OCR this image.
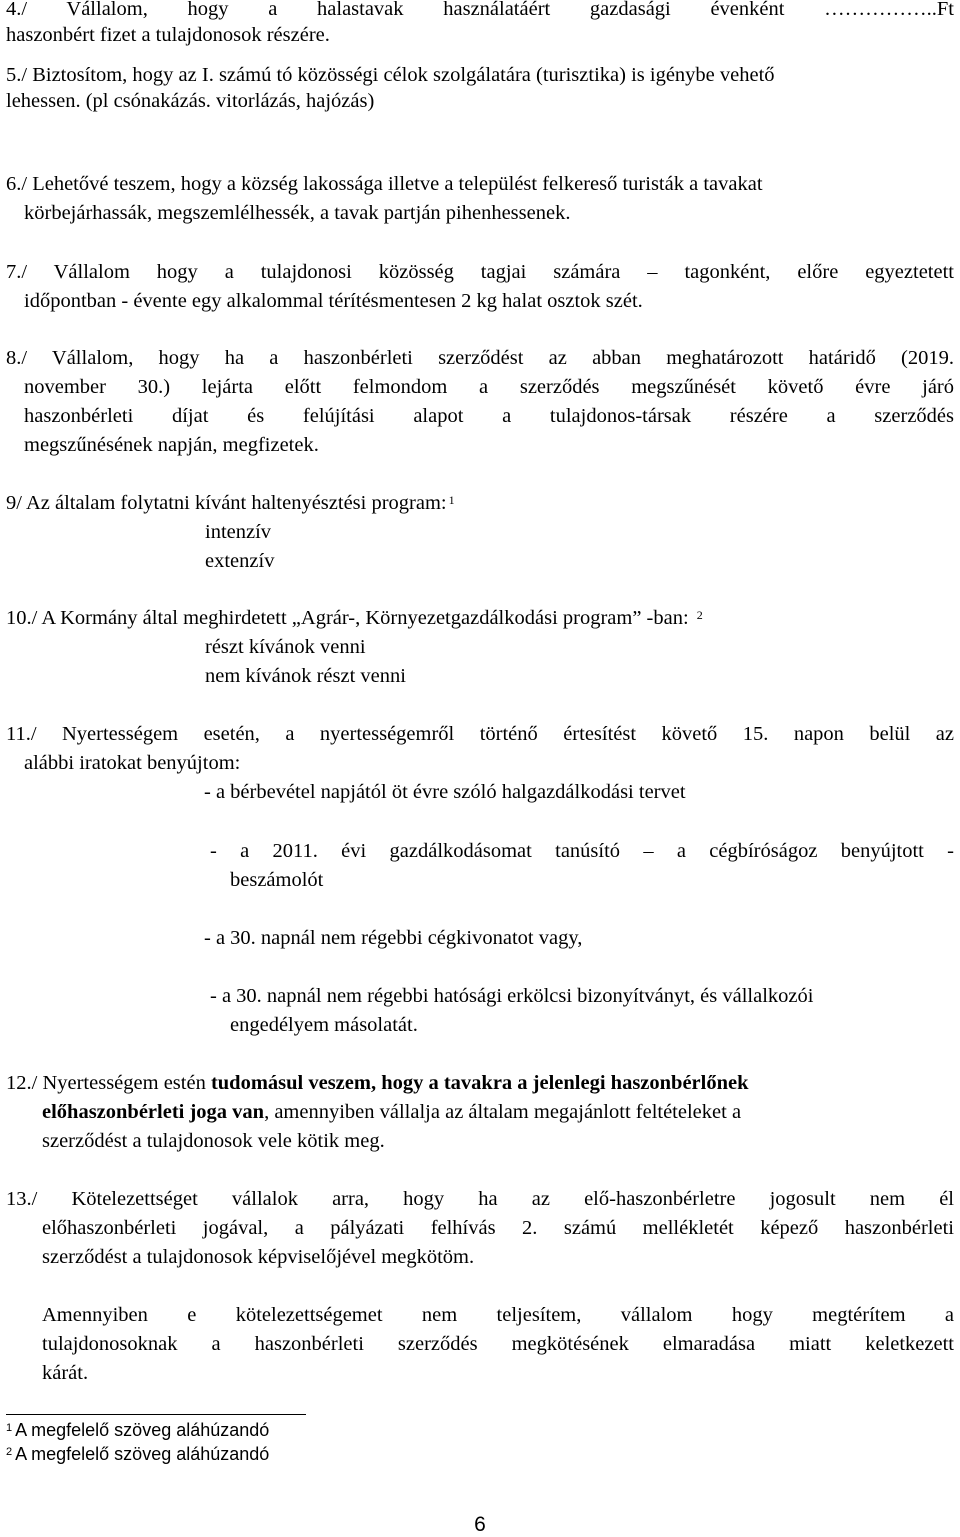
4./ Vállalom, hogy a halastavak használatáért gazdasági évenként ……………..Ft
haszonbért fizet a tulajdonosok részére.
5./ Biztosítom, hogy az I. számú tó közösségi célok szolgálatára (turisztika) is igénybe vehető
lehessen. (pl csónakázás. vitorlázás, hajózás)
6./ Lehetővé teszem, hogy a község lakossága illetve a települést felkereső turisták a tavakat
körbejárhassák, megszemlélhessék, a tavak partján pihenhessenek.
7./ Vállalom hogy a tulajdonosi közösség tagjai számára – tagonként, előre egyeztetett
időpontban - évente egy alkalommal térítésmentesen 2 kg halat osztok szét.
8./ Vállalom, hogy ha a haszonbérleti szerződést az abban meghatározott határidő (2019.
november 30.) lejárta előtt felmondom a szerződés megszűnését követő évre járó
haszonbérleti díjat és felújítási alapot a tulajdonos-társak részére a szerződés
megszűnésének napján, megfizetek.
9/ Az általam folytatni kívánt haltenyésztési program: $^1$
intenzív
extenzív
10./ A Kormány által meghirdetett „Agrár-, Környezetgazdálkodási program” -ban: $^2$
részt kívánok venni
nem kívánok részt venni
11./ Nyertességem esetén, a nyertességemről történő értesítést követő 15. napon belül az
alábbi iratokat benyújtom:
- a bérbevétel napjától öt évre szóló halgazdálkodási tervet
- a 2011. évi gazdálkodásomat tanúsító – a cégbíróságoz benyújtott -
beszámolót
- a 30. napnál nem régebbi cégkivonatot vagy,
- a 30. napnál nem régebbi hatósági erkölcsi bizonyítványt, és vállalkozói
engedélyem másolatát.
12./ Nyertességem estén tudomásul veszem, hogy a tavakra a jelenlegi haszonbérlőnek
előhaszonbérleti joga van, amennyiben vállalja az általam megajánlott feltételeket a
szerződést a tulajdonosok vele kötik meg.
13./ Kötelezettséget vállalok arra, hogy ha az elő-haszonbérletre jogosult nem él
előhaszonbérleti jogával, a pályázati felhívás 2. számú mellékletét képező haszonbérleti
szerződést a tulajdonosok képviselőjével megkötöm.
Amennyiben e kötelezettségemet nem teljesítem, vállalom hogy megtérítem a
tulajdonosoknak a haszonbérleti szerződés megkötésének elmaradása miatt keletkezett
kárát.
$^1$ A megfelelő szöveg aláhúzandó
$^2$ A megfelelő szöveg aláhúzandó
6
